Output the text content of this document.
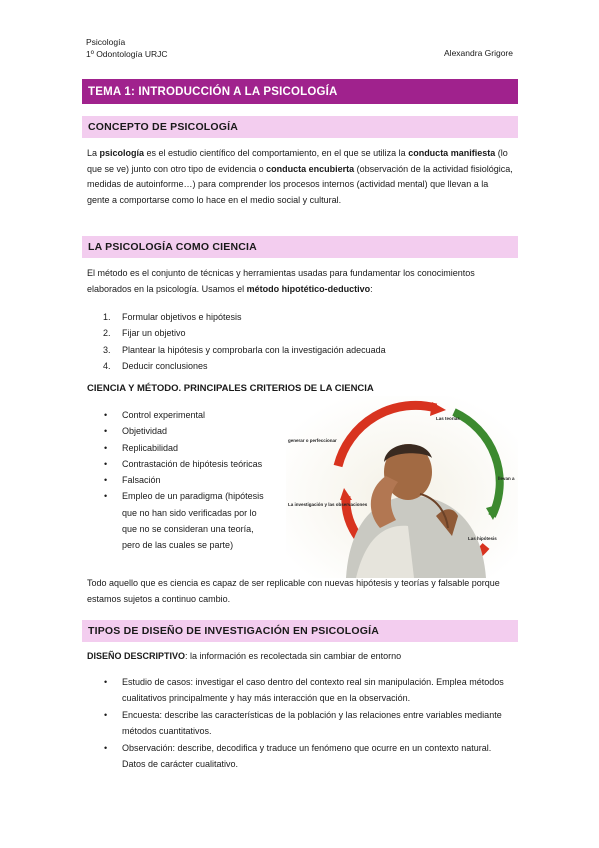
Psicología
1º Odontología URJC	Alexandra Grigore
TEMA 1: INTRODUCCIÓN A LA PSICOLOGÍA
CONCEPTO DE PSICOLOGÍA
La psicología es el estudio científico del comportamiento, en el que se utiliza la conducta manifiesta (lo que se ve) junto con otro tipo de evidencia o conducta encubierta (observación de la actividad fisiológica, medidas de autoinforme…) para comprender los procesos internos (actividad mental) que llevan a la gente a comportarse como lo hace en el medio social y cultural.
LA PSICOLOGÍA COMO CIENCIA
El método es el conjunto de técnicas y herramientas usadas para fundamentar los conocimientos elaborados en la psicología. Usamos el método hipotético-deductivo:
1. Formular objetivos e hipótesis
2. Fijar un objetivo
3. Plantear la hipótesis y comprobarla con la investigación adecuada
4. Deducir conclusiones
CIENCIA Y MÉTODO. PRINCIPALES CRITERIOS DE LA CIENCIA
• Control experimental
• Objetividad
• Replicabilidad
• Contrastación de hipótesis teóricas
• Falsación
• Empleo de un paradigma (hipótesis que no han sido verificadas por lo que no se consideran una teoría, pero de las cuales se parte)
Las teorías
generar o perfeccionar
llevan a
La investigación y las observaciones
Las hipótesis
Todo aquello que es ciencia es capaz de ser replicable con nuevas hipótesis y teorías y falsable porque estamos sujetos a continuo cambio.
TIPOS DE DISEÑO DE INVESTIGACIÓN EN PSICOLOGÍA
DISEÑO DESCRIPTIVO: la información es recolectada sin cambiar de entorno
• Estudio de casos: investigar el caso dentro del contexto real sin manipulación. Emplea métodos cualitativos principalmente y hay más interacción que en la observación.
• Encuesta: describe las características de la población y las relaciones entre variables mediante métodos cuantitativos.
• Observación: describe, decodifica y traduce un fenómeno que ocurre en un contexto natural. Datos de carácter cualitativo.
